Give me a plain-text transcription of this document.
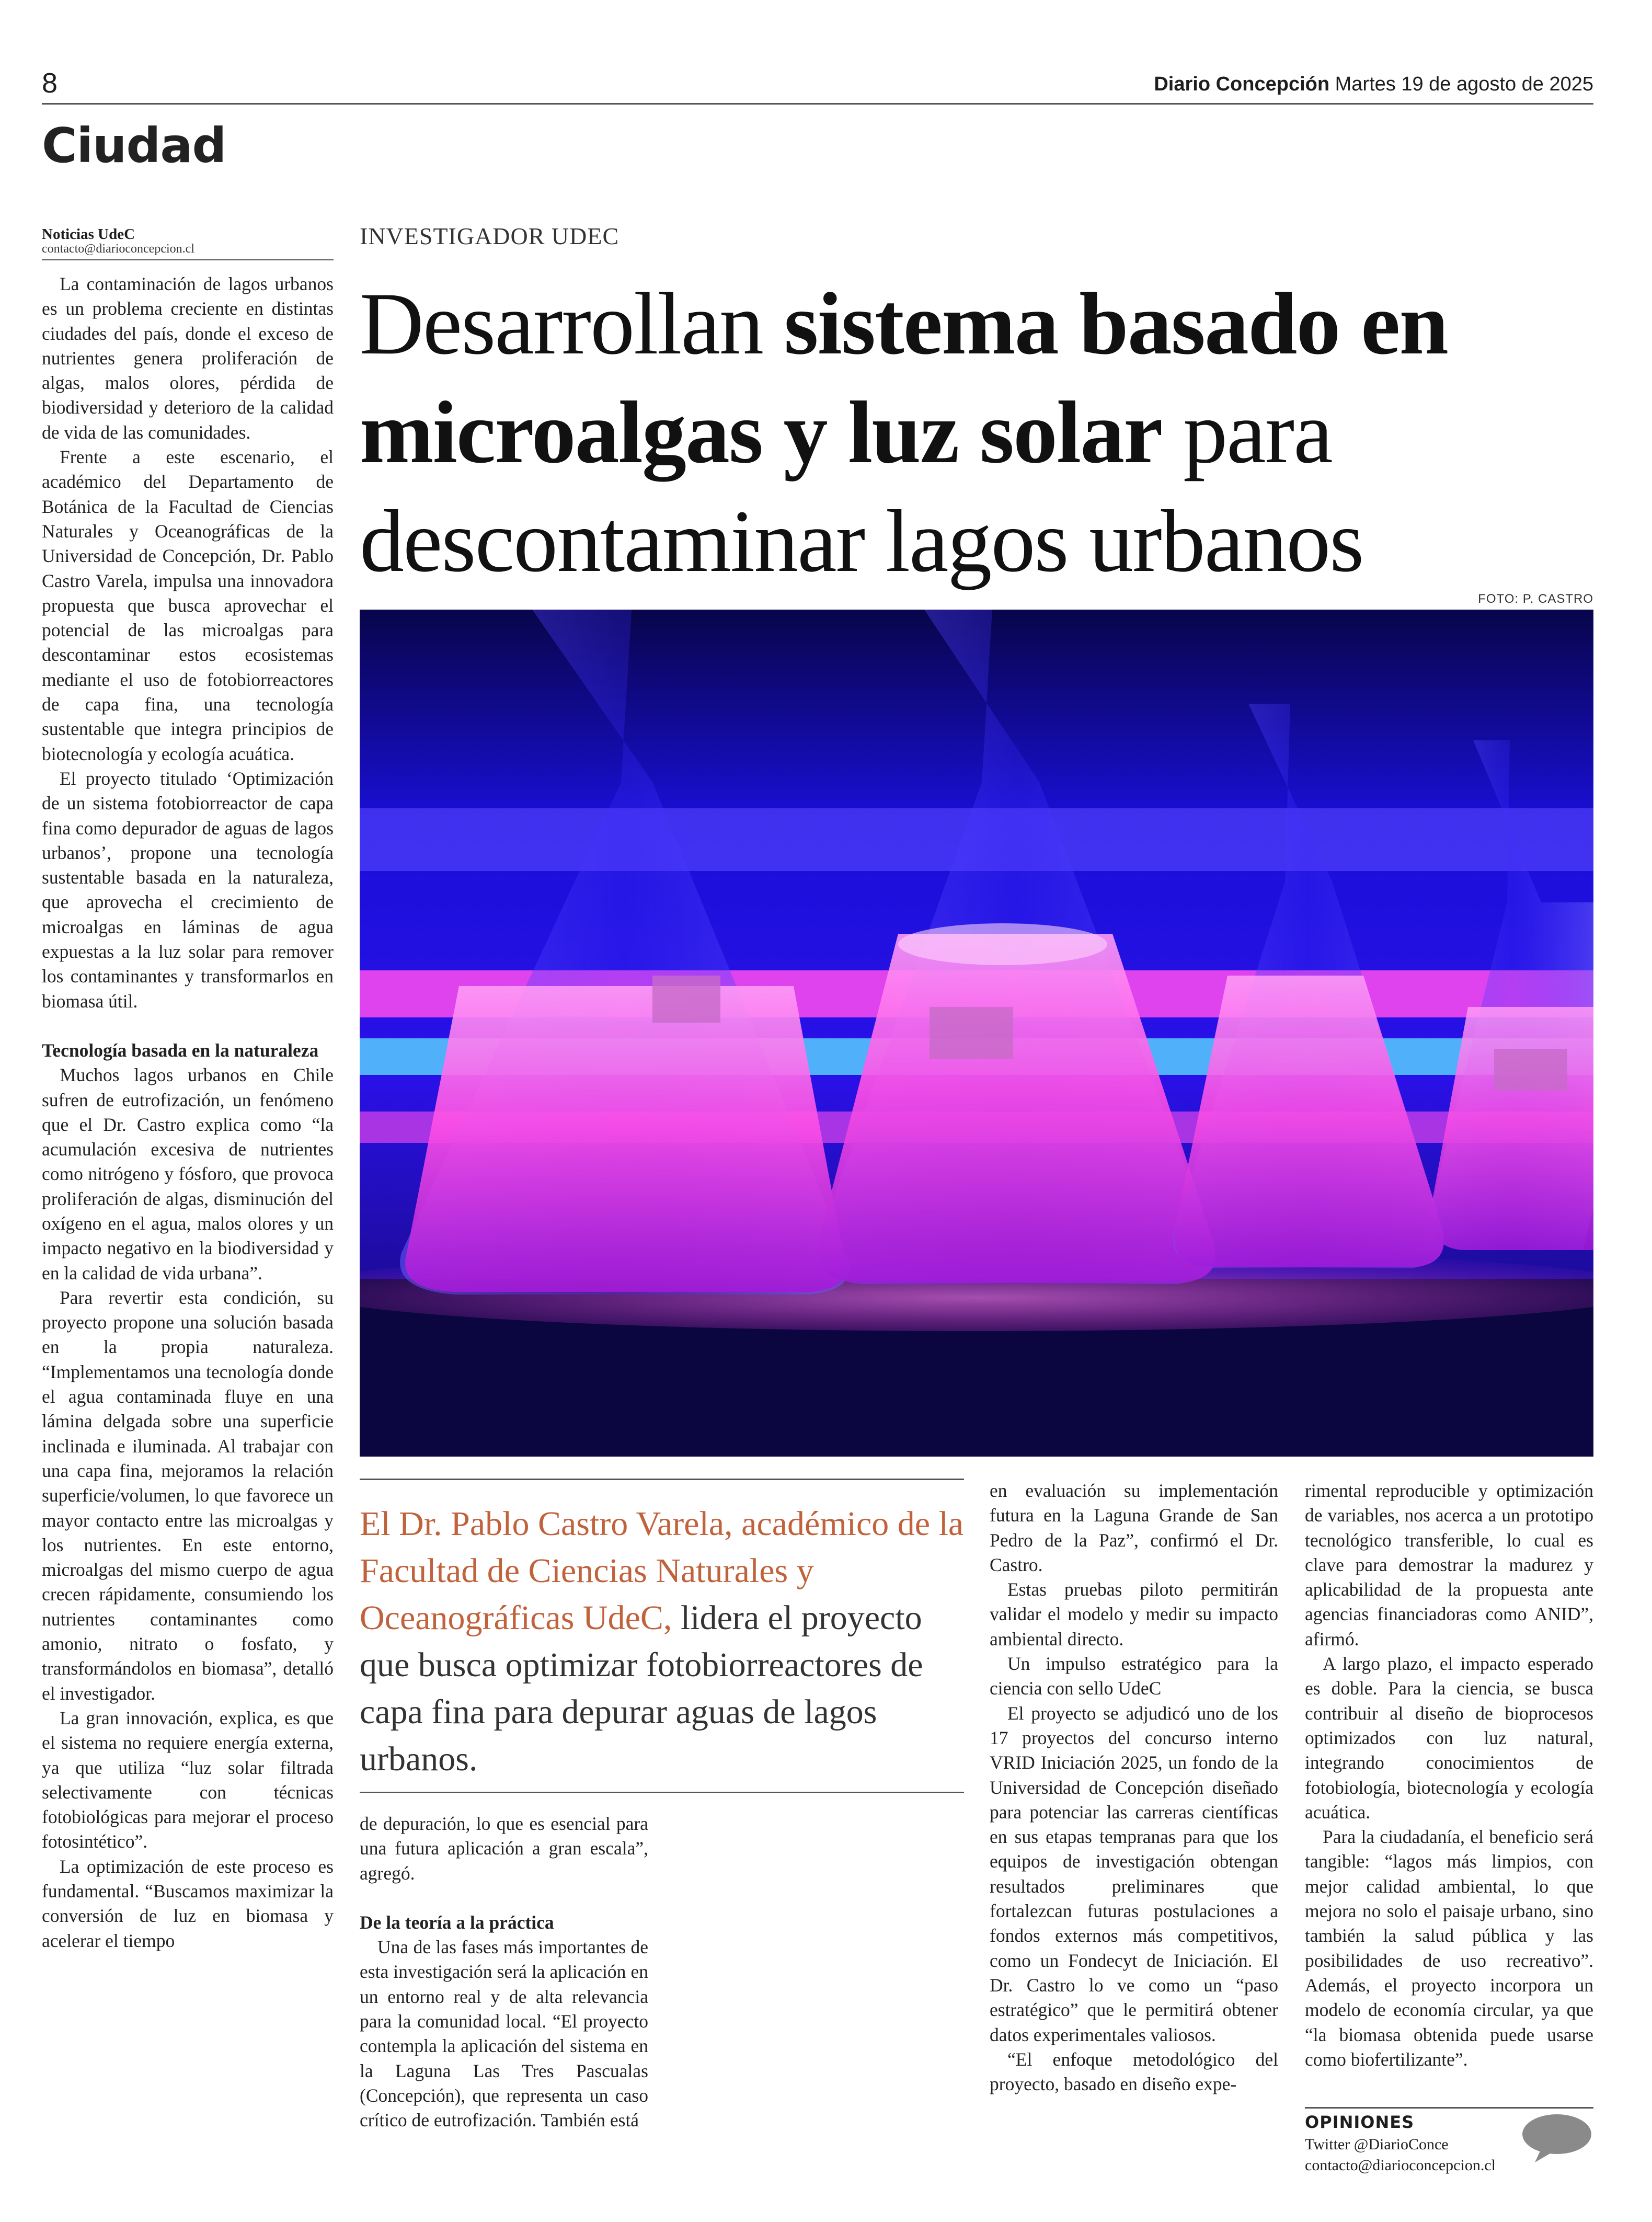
8	Diario Concepción Martes 19 de agosto de 2025
Ciudad
Noticias UdeC
contacto@diarioconcepcion.cl	INVESTIGADOR UDEC
Desarrollan sistema basado en microalgas y luz solar para descontaminar lagos urbanos
FOTO: P. CASTRO

La contaminación de lagos urbanos es un problema creciente en distintas ciudades del país, donde el exceso de nutrientes genera proliferación de algas, malos olores, pérdida de biodiversidad y deterioro de la calidad de vida de las comunidades.

Frente a este escenario, el académico del Departamento de Botánica de la Facultad de Ciencias Naturales y Oceanográficas de la Universidad de Concepción, Dr. Pablo Castro Varela, impulsa una innovadora propuesta que busca aprovechar el potencial de las microalgas para descontaminar estos ecosistemas mediante el uso de fotobiorreactores de capa fina, una tecnología sustentable que integra principios de biotecnología y ecología acuática.

El proyecto titulado ‘Optimización de un sistema fotobiorreactor de capa fina como depurador de aguas de lagos urbanos’, propone una tecnología sustentable basada en la naturaleza, que aprovecha el crecimiento de microalgas en láminas de agua expuestas a la luz solar para remover los contaminantes y transformarlos en biomasa útil.

Tecnología basada en la naturaleza

Muchos lagos urbanos en Chile sufren de eutrofización, un fenómeno que el Dr. Castro explica como “la acumulación excesiva de nutrientes como nitrógeno y fósforo, que provoca proliferación de algas, disminución del oxígeno en el agua, malos olores y un impacto negativo en la biodiversidad y en la calidad de vida urbana”.

Para revertir esta condición, su proyecto propone una solución basada en la propia naturaleza. “Implementamos una tecnología donde el agua contaminada fluye en una lámina delgada sobre una superficie inclinada e iluminada. Al trabajar con una capa fina, mejoramos la relación superficie/volumen, lo que favorece un mayor contacto entre las microalgas y los nutrientes. En este entorno, microalgas del mismo cuerpo de agua crecen rápidamente, consumiendo los nutrientes contaminantes como amonio, nitrato o fosfato, y transformándolos en biomasa”, detalló el investigador.

La gran innovación, explica, es que el sistema no requiere energía externa, ya que utiliza “luz solar filtrada selectivamente con técnicas fotobiológicas para mejorar el proceso fotosintético”.

La optimización de este proceso es fundamental. “Buscamos maximizar la conversión de luz en biomasa y acelerar el tiempo

El Dr. Pablo Castro Varela, académico de la Facultad de Ciencias Naturales y Oceanográficas UdeC, lidera el proyecto que busca optimizar fotobiorreactores de capa fina para depurar aguas de lagos urbanos.

de depuración, lo que es esencial para una futura aplicación a gran escala”, agregó.

De la teoría a la práctica

Una de las fases más importantes de esta investigación será la aplicación en un entorno real y de alta relevancia para la comunidad local. “El proyecto contempla la aplicación del sistema en la Laguna Las Tres Pascualas (Concepción), que representa un caso crítico de eutrofización. También está

en evaluación su implementación futura en la Laguna Grande de San Pedro de la Paz”, confirmó el Dr. Castro.

Estas pruebas piloto permitirán validar el modelo y medir su impacto ambiental directo.

Un impulso estratégico para la ciencia con sello UdeC

El proyecto se adjudicó uno de los 17 proyectos del concurso interno VRID Iniciación 2025, un fondo de la Universidad de Concepción diseñado para potenciar las carreras científicas en sus etapas tempranas para que los equipos de investigación obtengan resultados preliminares que fortalezcan futuras postulaciones a fondos externos más competitivos, como un Fondecyt de Iniciación. El Dr. Castro lo ve como un “paso estratégico” que le permitirá obtener datos experimentales valiosos.

“El enfoque metodológico del proyecto, basado en diseño expe-

rimental reproducible y optimización de variables, nos acerca a un prototipo tecnológico transferible, lo cual es clave para demostrar la madurez y aplicabilidad de la propuesta ante agencias financiadoras como ANID”, afirmó.

A largo plazo, el impacto esperado es doble. Para la ciencia, se busca contribuir al diseño de bioprocesos optimizados con luz natural, integrando conocimientos de fotobiología, biotecnología y ecología acuática.

Para la ciudadanía, el beneficio será tangible: “lagos más limpios, con mejor calidad ambiental, lo que mejora no solo el paisaje urbano, sino también la salud pública y las posibilidades de uso recreativo”. Además, el proyecto incorpora un modelo de economía circular, ya que “la biomasa obtenida puede usarse como biofertilizante”.

OPINIONES
Twitter @DiarioConce
contacto@diarioconcepcion.cl
